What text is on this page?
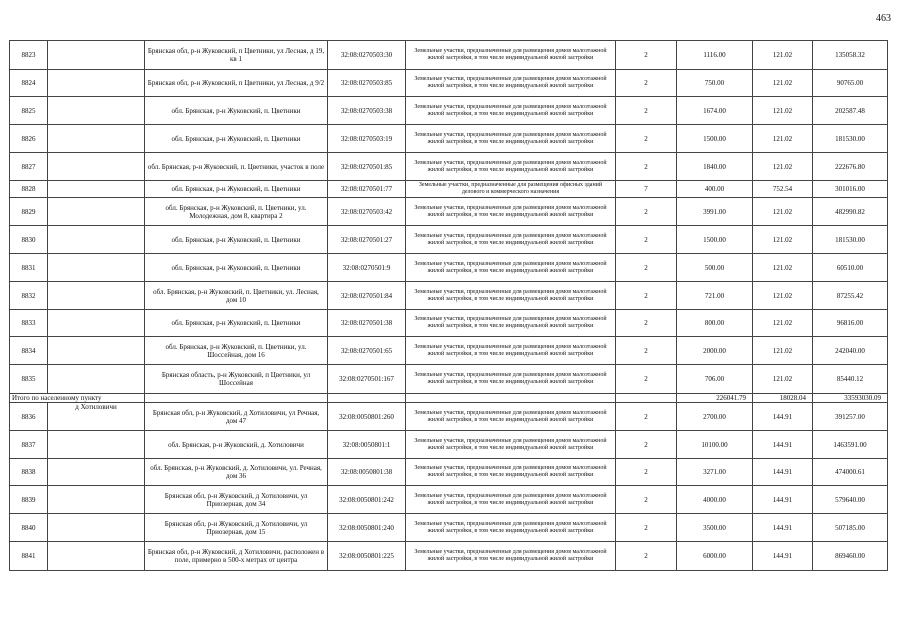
463
8823		Брянская обл, р-н Жуковский, п Цветники, ул Лесная, д 19, кв 1	32:08:0270503:30	Земельные участки, предназначенные для размещения домов малоэтажной жилой застройки, в том числе индивидуальной жилой застройки	2	1116.00	121.02	135058.32
8824		Брянская обл, р-н Жуковский, п Цветники, ул Лесная, д 9/2	32:08:0270503:85	Земельные участки, предназначенные для размещения домов малоэтажной жилой застройки, в том числе индивидуальной жилой застройки	2	750.00	121.02	90765.00
8825		обл. Брянская, р-н Жуковский, п. Цветники	32:08:0270503:38	Земельные участки, предназначенные для размещения домов малоэтажной жилой застройки, в том числе индивидуальной жилой застройки	2	1674.00	121.02	202587.48
8826		обл. Брянская, р-н Жуковский, п. Цветники	32:08:0270503:19	Земельные участки, предназначенные для размещения домов малоэтажной жилой застройки, в том числе индивидуальной жилой застройки	2	1500.00	121.02	181530.00
8827		обл. Брянская, р-н Жуковский, п. Цветники, участок в поле	32:08:0270501:85	Земельные участки, предназначенные для размещения домов малоэтажной жилой застройки, в том числе индивидуальной жилой застройки	2	1840.00	121.02	222676.80
8828		обл. Брянская, р-н Жуковский, п. Цветники	32:08:0270501:77	Земельные участки, предназначенные для размещения офисных зданий делового и коммерческого назначения	7	400.00	752.54	301016.00
8829		обл. Брянская, р-н Жуковский, п. Цветники, ул. Молодежная, дом 8, квартира 2	32:08:0270503:42	Земельные участки, предназначенные для размещения домов малоэтажной жилой застройки, в том числе индивидуальной жилой застройки	2	3991.00	121.02	482990.82
8830		обл. Брянская, р-н Жуковский, п. Цветники	32:08:0270501:27	Земельные участки, предназначенные для размещения домов малоэтажной жилой застройки, в том числе индивидуальной жилой застройки	2	1500.00	121.02	181530.00
8831		обл. Брянская, р-н Жуковский, п. Цветники	32:08:0270501:9	Земельные участки, предназначенные для размещения домов малоэтажной жилой застройки, в том числе индивидуальной жилой застройки	2	500.00	121.02	60510.00
8832		обл. Брянская, р-н Жуковский, п. Цветники, ул. Лесная, дом 10	32:08:0270501:84	Земельные участки, предназначенные для размещения домов малоэтажной жилой застройки, в том числе индивидуальной жилой застройки	2	721.00	121.02	87255.42
8833		обл. Брянская, р-н Жуковский, п. Цветники	32:08:0270501:38	Земельные участки, предназначенные для размещения домов малоэтажной жилой застройки, в том числе индивидуальной жилой застройки	2	800.00	121.02	96816.00
8834		обл. Брянская, р-н Жуковский, п. Цветники, ул. Шоссейная, дом 16	32:08:0270501:65	Земельные участки, предназначенные для размещения домов малоэтажной жилой застройки, в том числе индивидуальной жилой застройки	2	2000.00	121.02	242040.00
8835		Брянская область, р-н Жуковский, п Цветники, ул Шоссейная	32:08:0270501:167	Земельные участки, предназначенные для размещения домов малоэтажной жилой застройки, в том числе индивидуальной жилой застройки	2	706.00	121.02	85440.12
Итого по населенному пункту						226041.79	18028.04	33593030.09
8836	д Хотиловичи	Брянская обл, р-н Жуковский, д Хотиловичи, ул Речная, дом 47	32:08:0050801:260	Земельные участки, предназначенные для размещения домов малоэтажной жилой застройки, в том числе индивидуальной жилой застройки	2	2700.00	144.91	391257.00
8837		обл. Брянская, р-н Жуковский, д. Хотиловичи	32:08:0050801:1	Земельные участки, предназначенные для размещения домов малоэтажной жилой застройки, в том числе индивидуальной жилой застройки	2	10100.00	144.91	1463591.00
8838		обл. Брянская, р-н Жуковский, д. Хотиловичи, ул. Речная, дом 36	32:08:0050801:38	Земельные участки, предназначенные для размещения домов малоэтажной жилой застройки, в том числе индивидуальной жилой застройки	2	3271.00	144.91	474000.61
8839		Брянская обл, р-н Жуковский, д Хотиловичи, ул Приозерная, дом 34	32:08:0050801:242	Земельные участки, предназначенные для размещения домов малоэтажной жилой застройки, в том числе индивидуальной жилой застройки	2	4000.00	144.91	579640.00
8840		Брянская обл, р-н Жуковский, д Хотиловичи, ул Приозерная, дом 15	32:08:0050801:240	Земельные участки, предназначенные для размещения домов малоэтажной жилой застройки, в том числе индивидуальной жилой застройки	2	3500.00	144.91	507185.00
8841		Брянская обл, р-н Жуковский, д Хотиловичи, расположен в поле, примерно в 500-х метрах от центра	32:08:0050801:225	Земельные участки, предназначенные для размещения домов малоэтажной жилой застройки, в том числе индивидуальной жилой застройки	2	6000.00	144.91	869460.00
